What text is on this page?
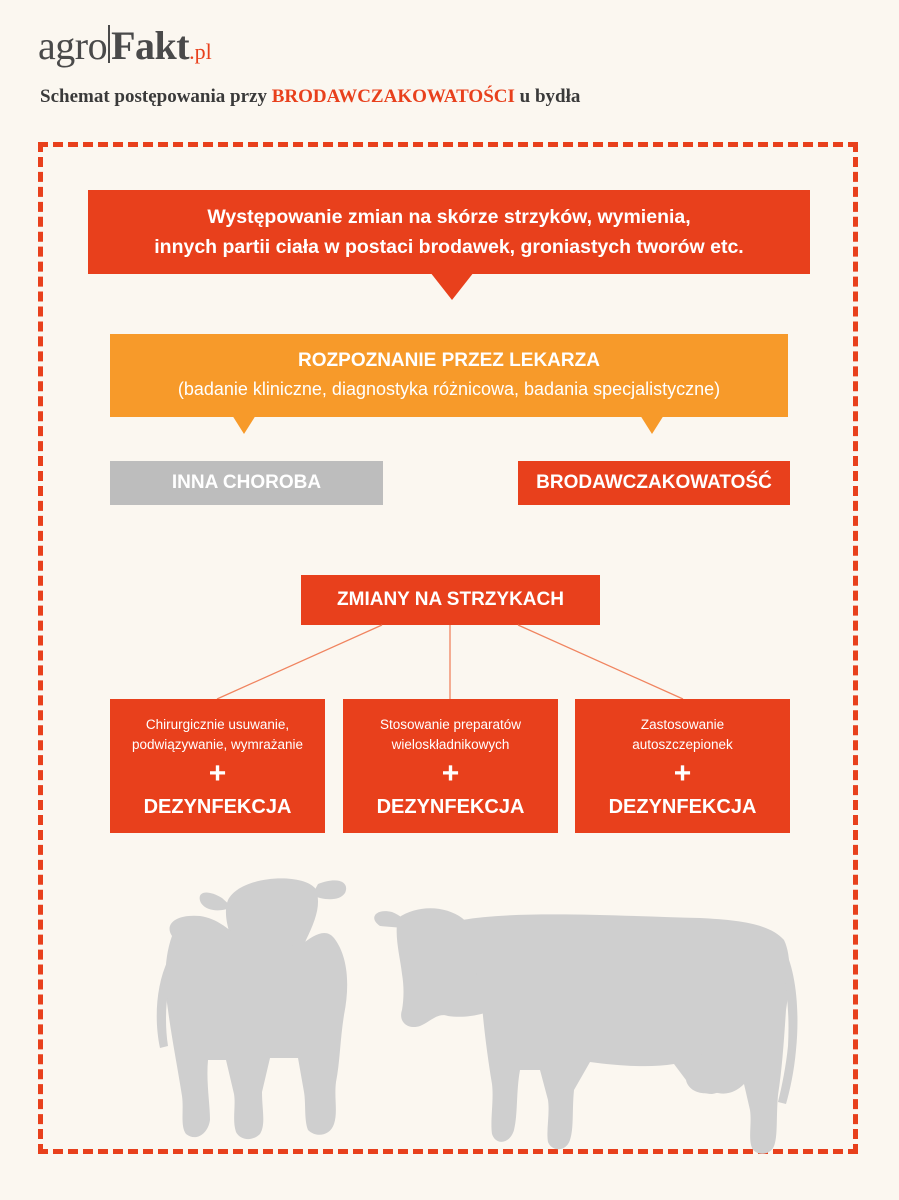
agro Fakt.pl
Schemat postępowania przy BRODAWCZAKOWATOŚCI u bydła
Występowanie zmian na skórze strzyków, wymienia,
innych partii ciała w postaci brodawek, groniastych tworów etc.
ROZPOZNANIE PRZEZ LEKARZA
(badanie kliniczne, diagnostyka różnicowa, badania specjalistyczne)
INNA CHOROBA	BRODAWCZAKOWATOŚĆ
ZMIANY NA STRZYKACH
Chirurgicznie usuwanie,
podwiązywanie, wymrażanie
+
DEZYNFEKCJA
Stosowanie preparatów
wieloskładnikowych
+
DEZYNFEKCJA
Zastosowanie
autoszczepionek
+
DEZYNFEKCJA
